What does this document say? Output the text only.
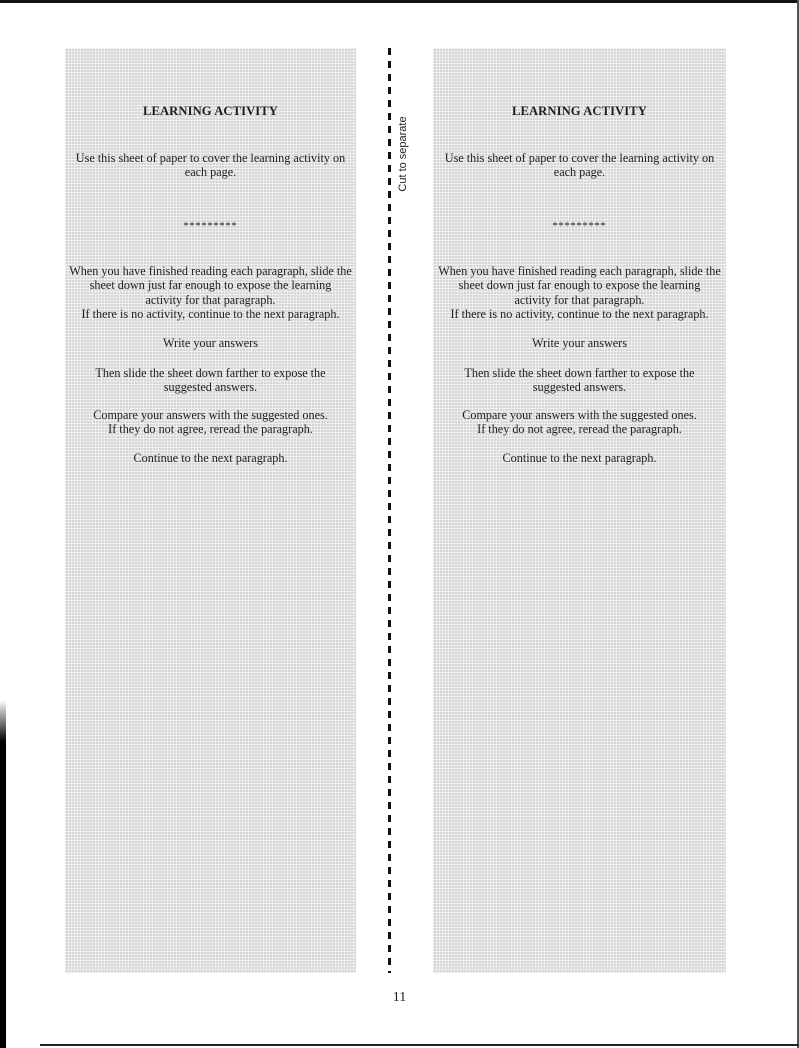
LEARNING ACTIVITY

Use this sheet of paper to cover the learning activity on
each page.

*********

When you have finished reading each paragraph, slide the
sheet down just far enough to expose the learning
activity for that paragraph.
If there is no activity, continue to the next paragraph.

Write your answers

Then slide the sheet down farther to expose the
suggested answers.

Compare your answers with the suggested ones.
If they do not agree, reread the paragraph.

Continue to the next paragraph.

Cut to separate

LEARNING ACTIVITY

Use this sheet of paper to cover the learning activity on
each page.

*********

When you have finished reading each paragraph, slide the
sheet down just far enough to expose the learning
activity for that paragraph.
If there is no activity, continue to the next paragraph.

Write your answers

Then slide the sheet down farther to expose the
suggested answers.

Compare your answers with the suggested ones.
If they do not agree, reread the paragraph.

Continue to the next paragraph.

11
